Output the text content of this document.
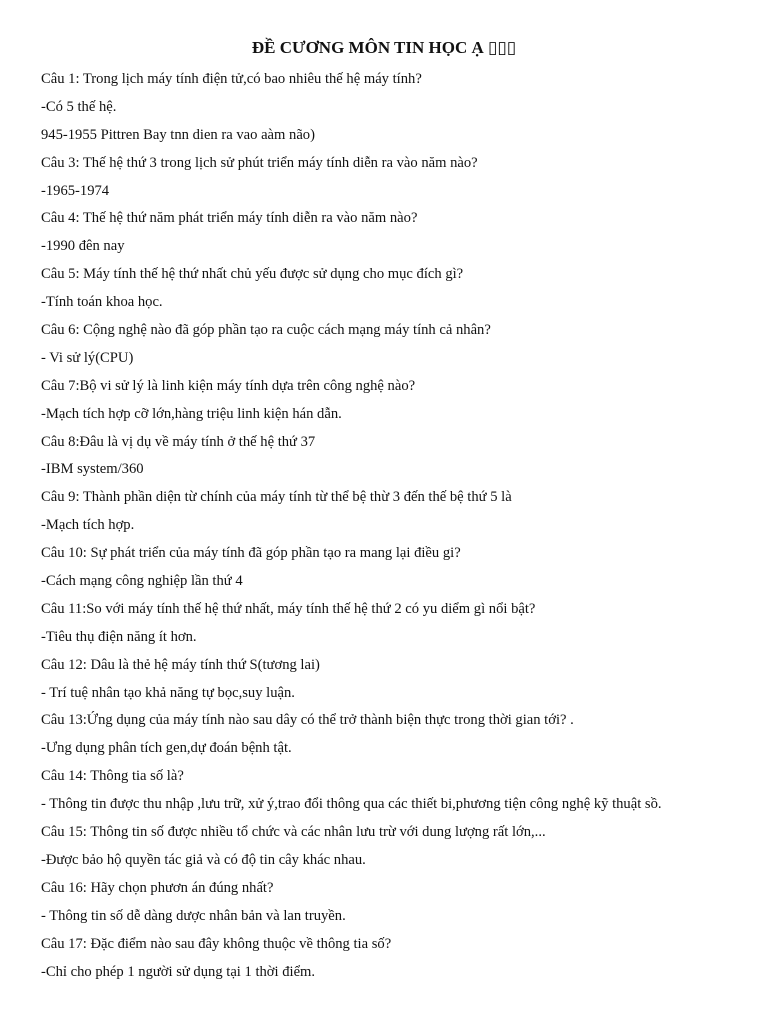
ĐỀ CƯƠNG MÔN TIN HỌC Ạ ▯▯▯
Câu 1: Trong lịch máy tính điện tử,có bao nhiêu thế hệ máy tính?
-Có 5 thế hệ.
945-1955 Pittren Bay tnn dien ra vao aàm não)
Câu 3: Thế hệ thứ 3 trong lịch sử phút triển máy tính diễn ra vào năm nào?
-1965-1974
Câu 4: Thế hệ thứ năm phát triển máy tính diễn ra vào năm nào?
-1990 đên nay
Câu 5: Máy tính thế hệ thứ nhất chủ yếu được sử dụng cho mục đích gì?
-Tính toán khoa học.
Câu 6: Cộng nghệ nào đã góp phần tạo ra cuộc cách mạng máy tính cả nhân?
- Vi sử lý(CPU)
Câu 7:Bộ vi sử lý là linh kiện máy tính dựa trên công nghệ nào?
-Mạch tích hợp cỡ lớn,hàng triệu linh kiện hán dẫn.
Câu 8:Đâu là vị dụ về máy tính ở thế hệ thứ 37
-IBM system/360
Câu 9: Thành phần diện từ chính của máy tính từ thể bệ thừ 3 đến thế bệ thứ 5 là
-Mạch tích hợp.
Câu 10: Sự phát triển của máy tính đã góp phần tạo ra mang lại điều gi?
-Cách mạng công nghiệp lần thứ 4
Câu 11:So với máy tính thế hệ thứ nhất, máy tính thế hệ thứ 2 có yu diểm gì nổi bật?
-Tiêu thụ điện năng ít hơn.
Câu 12: Dâu là thẻ hệ máy tính thứ S(tương lai)
- Trí tuệ nhân tạo khả năng tự bọc,suy luận.
Câu 13:Ứng dụng của máy tính nào sau dây có thể trở thành biện thực trong thời gian tới? .
-Ưng dụng phân tích gen,dự đoán bệnh tật.
Câu 14: Thông tia số là?
- Thông tin được thu nhập ,lưu trữ, xử ý,trao đổi thông qua các thiết bi,phương tiện công nghệ kỹ thuật sồ.
Câu 15: Thông tin số được nhiều tổ chức và các nhân lưu trừ với dung lượng rất lớn,...
-Được bảo hộ quyền tác giả và có độ tin cây khác nhau.
Câu 16: Hãy chọn phươn án đúng nhất?
- Thông tin số dễ dàng dược nhân bản và lan truyền.
Câu 17: Đặc điểm nào sau đây không thuộc về thông tia số?
-Chỉ cho phép 1 người sử dụng tại 1 thời điểm.
